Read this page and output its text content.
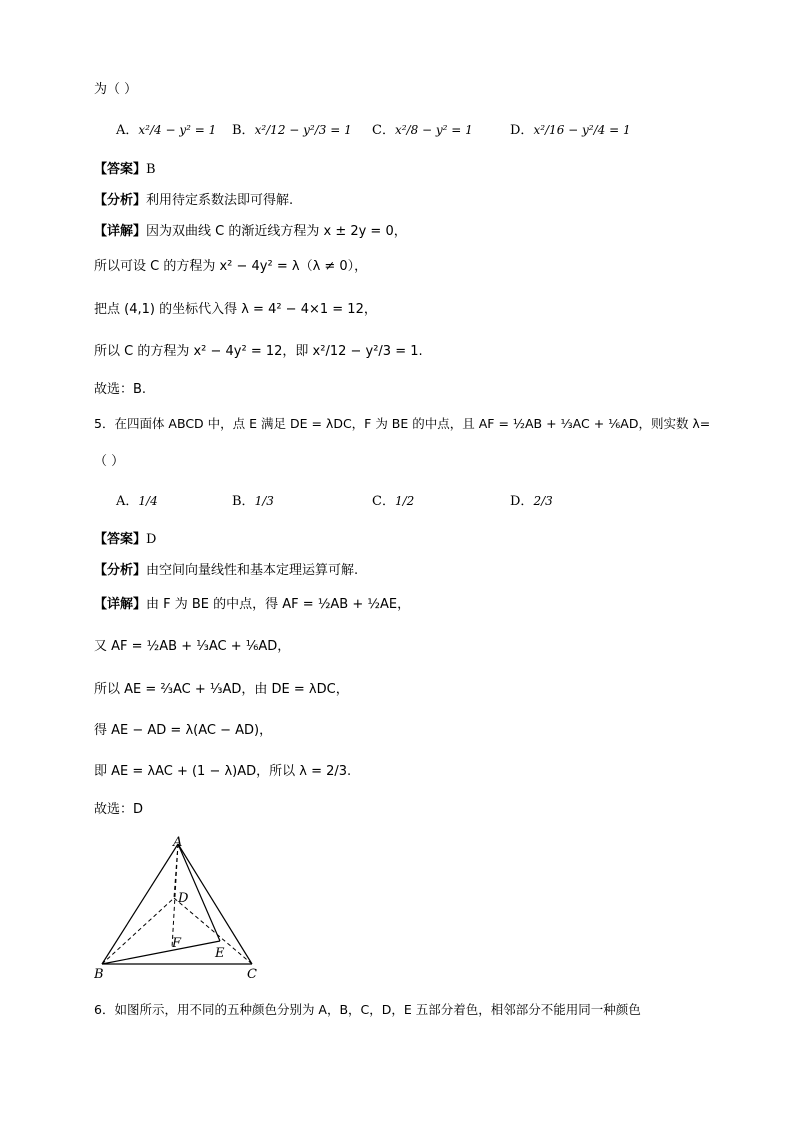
为（ ）
A．x²/4 − y² = 1 B．x²/12 − y²/3 = 1 C．x²/8 − y² = 1	D．x²/16 − y²/4 = 1
【答案】B
【分析】利用待定系数法即可得解.
【详解】因为双曲线 C 的渐近线方程为 x ± 2y = 0，
所以可设 C 的方程为 x² − 4y² = λ（λ ≠ 0），
把点 (4,1) 的坐标代入得 λ = 4² − 4×1 = 12，
所以 C 的方程为 x² − 4y² = 12，即 x²/12 − y²/3 = 1.
故选：B.
5．在四面体 ABCD 中，点 E 满足 DE = λDC，F 为 BE 的中点，且 AF = ½AB + ⅓AC + ⅙AD，则实数 λ=
（ ）
A．1/4	B．1/3	C．1/2	D．2/3
【答案】D
【分析】由空间向量线性和基本定理运算可解.
【详解】由 F 为 BE 的中点，得 AF = ½AB + ½AE，
又 AF = ½AB + ⅓AC + ⅙AD，
所以 AE = ⅔AC + ⅓AD，由 DE = λDC，
得 AE − AD = λ(AC − AD)，
即 AE = λAC + (1 − λ)AD，所以 λ = 2/3.
故选：D
A
B	C
D
E
F
6．如图所示，用不同的五种颜色分别为 A，B，C，D，E 五部分着色，相邻部分不能用同一种颜色
